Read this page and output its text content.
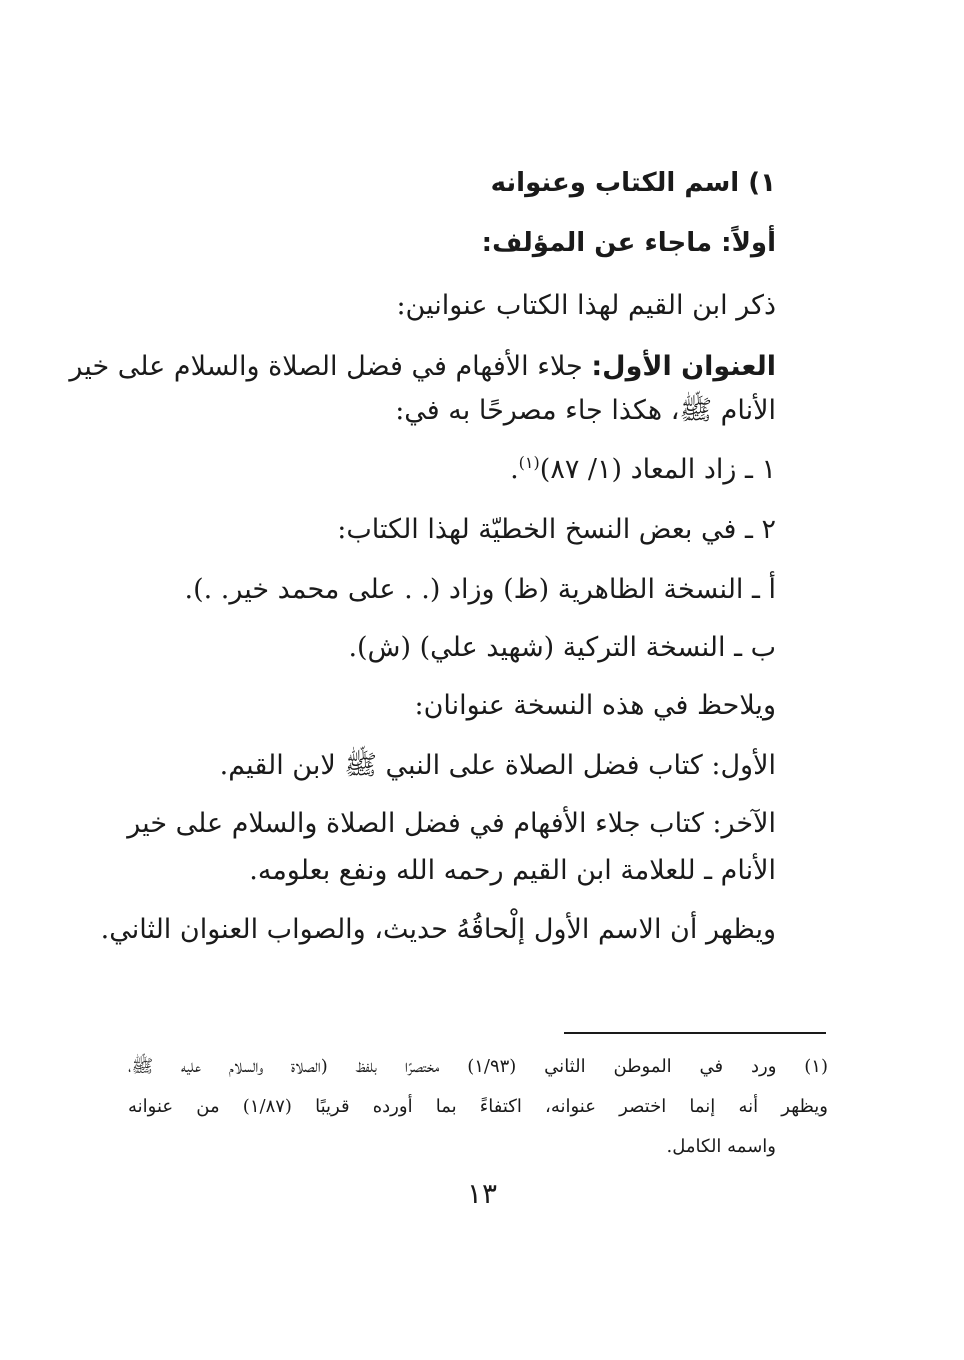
١) اسم الكتاب وعنوانه
أولاً: ماجاء عن المؤلف:
ذكر ابن القيم لهذا الكتاب عنوانين:
العنوان الأول: جلاء الأفهام في فضل الصلاة والسلام على خير
الأنام ﷺ، هكذا جاء مصرحًا به في:
١ ـ زاد المعاد (١/ ٨٧)$^{(١)}$.
٢ ـ في بعض النسخ الخطيّة لهذا الكتاب:
أ ـ النسخة الظاهرية (ظ) وزاد (. . على محمد خير. .).
ب ـ النسخة التركية (شهيد علي) (ش).
ويلاحظ في هذه النسخة عنوانان:
الأول: كتاب فضل الصلاة على النبي ﷺ لابن القيم.
الآخر: كتاب جلاء الأفهام في فضل الصلاة والسلام على خير
الأنام ـ للعلامة ابن القيم رحمه الله ونفع بعلومه.
ويظهر أن الاسم الأول إلْحاقُهُ حديث، والصواب العنوان الثاني.
(١) ورد في الموطن الثاني (١/٩٣) مختصرًا بلفظ (الصلاة والسلام عليه ﷺ،
ويظهر أنه إنما اختصر عنوانه، اكتفاءً بما أورده قريبًا (١/٨٧) من عنوانه
واسمه الكامل.
١٣
